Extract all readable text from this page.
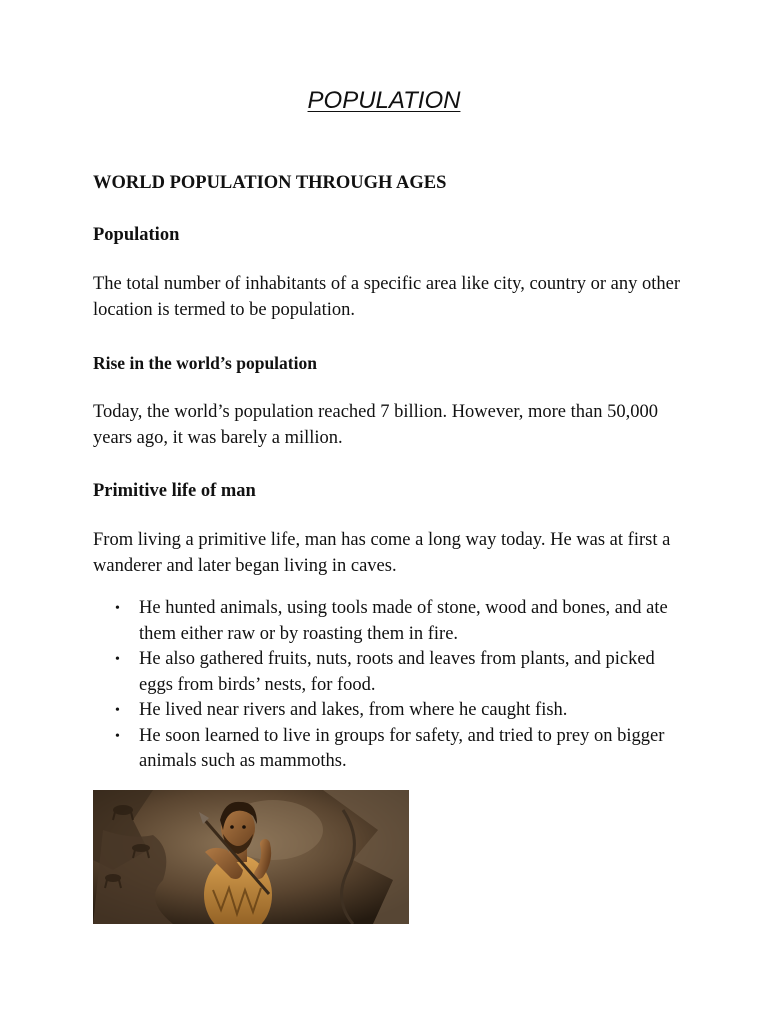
POPULATION
WORLD POPULATION THROUGH AGES
Population

The total number of inhabitants of a specific area like city, country or any other location is termed to be population.

Rise in the world’s population

Today, the world’s population reached 7 billion. However, more than 50,000 years ago, it was barely a million.

Primitive life of man

From living a primitive life, man has come a long way today. He was at first a wanderer and later began living in caves.

• He hunted animals, using tools made of stone, wood and bones, and ate them either raw or by roasting them in fire.
• He also gathered fruits, nuts, roots and leaves from plants, and picked eggs from birds’ nests, for food.
• He lived near rivers and lakes, from where he caught fish.
• He soon learned to live in groups for safety, and tried to prey on bigger animals such as mammoths.
